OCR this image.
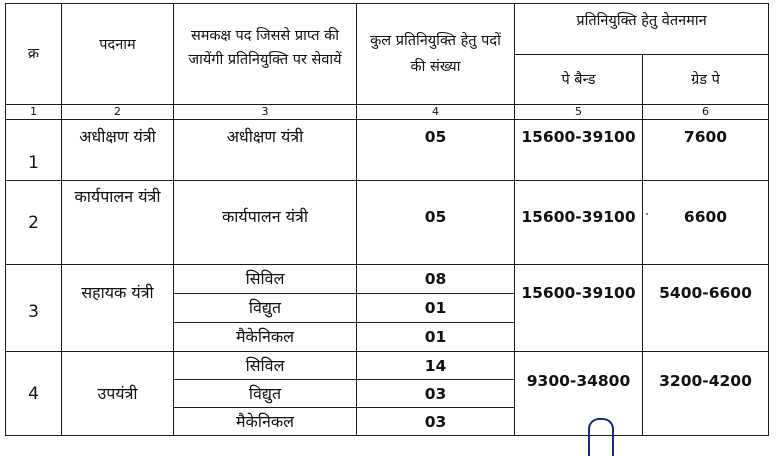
क्र	पदनाम	समकक्ष पद जिससे प्राप्त की जायेंगी प्रतिनियुक्ति पर सेवायें	कुल प्रतिनियुक्ति हेतु पदों की संख्या	प्रतिनियुक्ति हेतु वेतनमान	
				पे बैन्ड	ग्रेड पे
1	2	3	4	5	6
1	अधीक्षण यंत्री	अधीक्षण यंत्री	05	15600-39100	7600
2	कार्यपालन यंत्री	कार्यपालन यंत्री	05	15600-39100	6600
3	सहायक यंत्री	सिविल	08	15600-39100	5400-6600
		विद्युत	01		
		मैकेनिकल	01		
4	उपयंत्री	सिविल	14	9300-34800	3200-4200
		विद्युत	03		
		मैकेनिकल	03		
